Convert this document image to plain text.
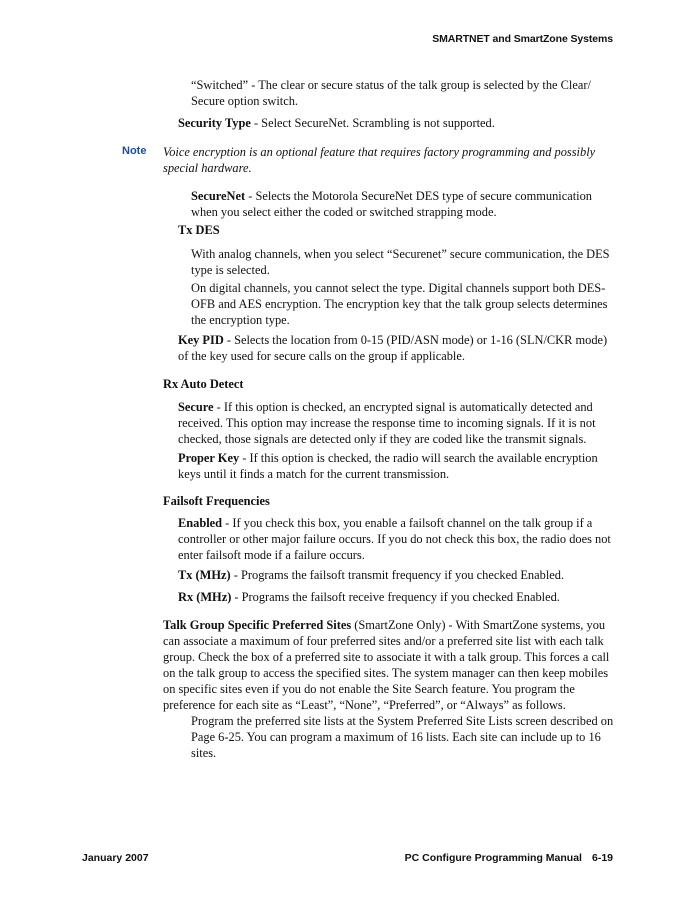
SMARTNET and SmartZone Systems

“Switched” - The clear or secure status of the talk group is selected by the Clear/ Secure option switch.

Security Type - Select SecureNet. Scrambling is not supported.

Note Voice encryption is an optional feature that requires factory programming and possibly special hardware.

SecureNet - Selects the Motorola SecureNet DES type of secure communication when you select either the coded or switched strapping mode.

Tx DES

With analog channels, when you select “Securenet” secure communication, the DES type is selected.

On digital channels, you cannot select the type. Digital channels support both DES-OFB and AES encryption. The encryption key that the talk group selects determines the encryption type.

Key PID - Selects the location from 0-15 (PID/ASN mode) or 1-16 (SLN/CKR mode) of the key used for secure calls on the group if applicable.

Rx Auto Detect

Secure - If this option is checked, an encrypted signal is automatically detected and received. This option may increase the response time to incoming signals. If it is not checked, those signals are detected only if they are coded like the transmit signals.

Proper Key - If this option is checked, the radio will search the available encryption keys until it finds a match for the current transmission.

Failsoft Frequencies

Enabled - If you check this box, you enable a failsoft channel on the talk group if a controller or other major failure occurs. If you do not check this box, the radio does not enter failsoft mode if a failure occurs.

Tx (MHz) - Programs the failsoft transmit frequency if you checked Enabled.

Rx (MHz) - Programs the failsoft receive frequency if you checked Enabled.

Talk Group Specific Preferred Sites (SmartZone Only) - With SmartZone systems, you can associate a maximum of four preferred sites and/or a preferred site list with each talk group. Check the box of a preferred site to associate it with a talk group. This forces a call on the talk group to access the specified sites. The system manager can then keep mobiles on specific sites even if you do not enable the Site Search feature. You program the preference for each site as “Least”, “None”, “Preferred”, or “Always” as follows.

Program the preferred site lists at the System Preferred Site Lists screen described on Page 6-25. You can program a maximum of 16 lists. Each site can include up to 16 sites.

January 2007	PC Configure Programming Manual 6-19
